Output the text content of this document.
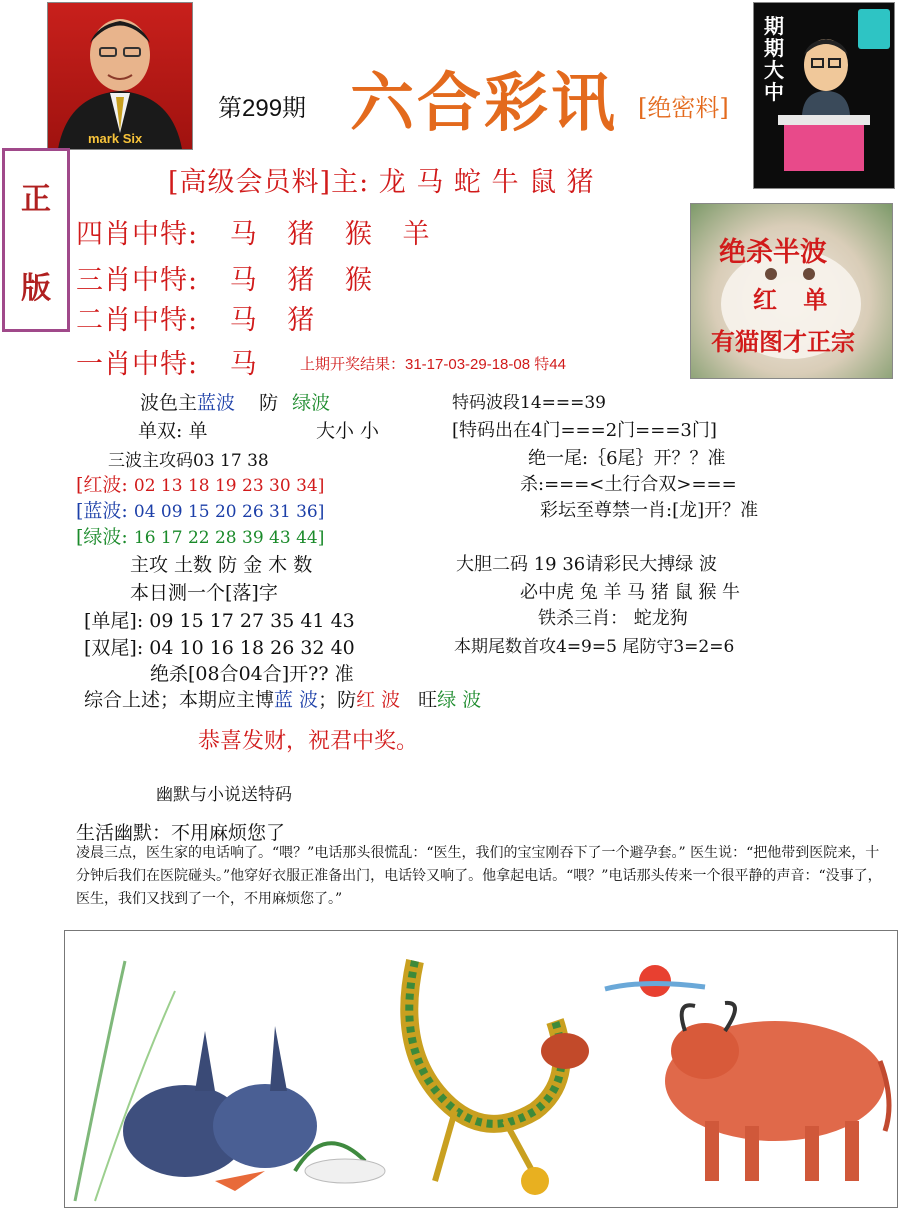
mark Six
第299期 六合彩讯 [绝密料]
期期大中
正
版
[高级会员料]主: 龙 马 蛇 牛 鼠 猪
四肖中特: 马 猪 猴 羊
三肖中特: 马 猪 猴
二肖中特: 马 猪
一肖中特: 马	上期开奖结果：31-17-03-29-18-08 特44
绝杀半波
红 单
有猫图才正宗
波色主蓝波 防 绿波
单双: 单	大小 小
三波主攻码03 17 38
[红波: 02 13 18 19 23 30 34]
[蓝波: 04 09 15 20 26 31 36]
[绿波: 16 17 22 28 39 43 44]
主攻 土数 防 金 木 数
本日测一个[落]字
[单尾]: 09 15 17 27 35 41 43
[双尾]: 04 10 16 18 26 32 40
绝杀[08合04合]开?? 准
特码波段14===39
[特码出在4门===2门===3门]
绝一尾:｛6尾｝开？？准
杀:===<土行合双>===
彩坛至尊禁一肖:[龙]开？准
大胆二码 19 36请彩民大搏绿 波
必中虎 兔 羊 马 猪 鼠 猴 牛
铁杀三肖： 蛇龙狗
本期尾数首攻4=9=5 尾防守3=2=6
综合上述；本期应主博蓝 波；防红 波 旺绿 波
恭喜发财，祝君中奖。
幽默与小说送特码
生活幽默：不用麻烦您了
凌晨三点，医生家的电话响了。“喂？”电话那头很慌乱：“医生，我们的宝宝刚吞下了一个避孕套。” 医生说：“把他带到医院来，十分钟后我们在医院碰头。”他穿好衣服正准备出门，电话铃又响了。他拿起电话。“喂？”电话那头传来一个很平静的声音：“没事了，医生，我们又找到了一个，不用麻烦您了。”
